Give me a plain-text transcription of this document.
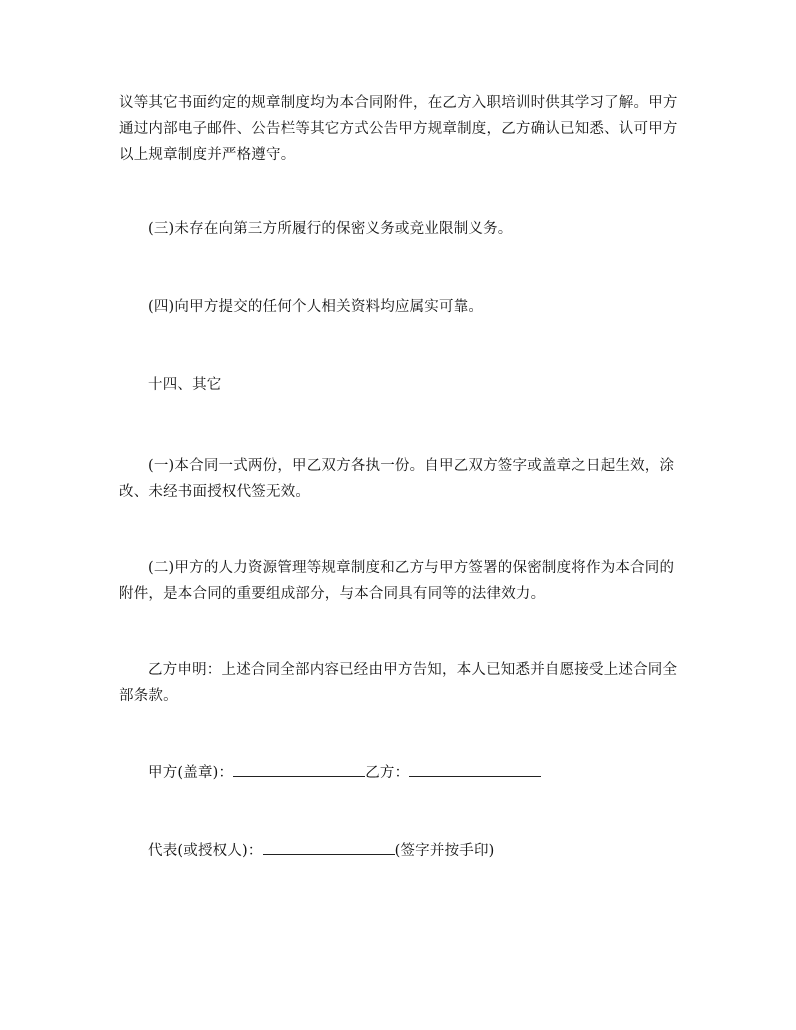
议等其它书面约定的规章制度均为本合同附件，在乙方入职培训时供其学习了解。甲方通过内部电子邮件、公告栏等其它方式公告甲方规章制度，乙方确认已知悉、认可甲方以上规章制度并严格遵守。

(三)未存在向第三方所履行的保密义务或竞业限制义务。

(四)向甲方提交的任何个人相关资料均应属实可靠。

十四、其它

(一)本合同一式两份，甲乙双方各执一份。自甲乙双方签字或盖章之日起生效，涂改、未经书面授权代签无效。

(二)甲方的人力资源管理等规章制度和乙方与甲方签署的保密制度将作为本合同的附件，是本合同的重要组成部分，与本合同具有同等的法律效力。

乙方申明：上述合同全部内容已经由甲方告知，本人已知悉并自愿接受上述合同全部条款。

甲方(盖章)：	乙方：
代表(或授权人)：	(签字并按手印)
